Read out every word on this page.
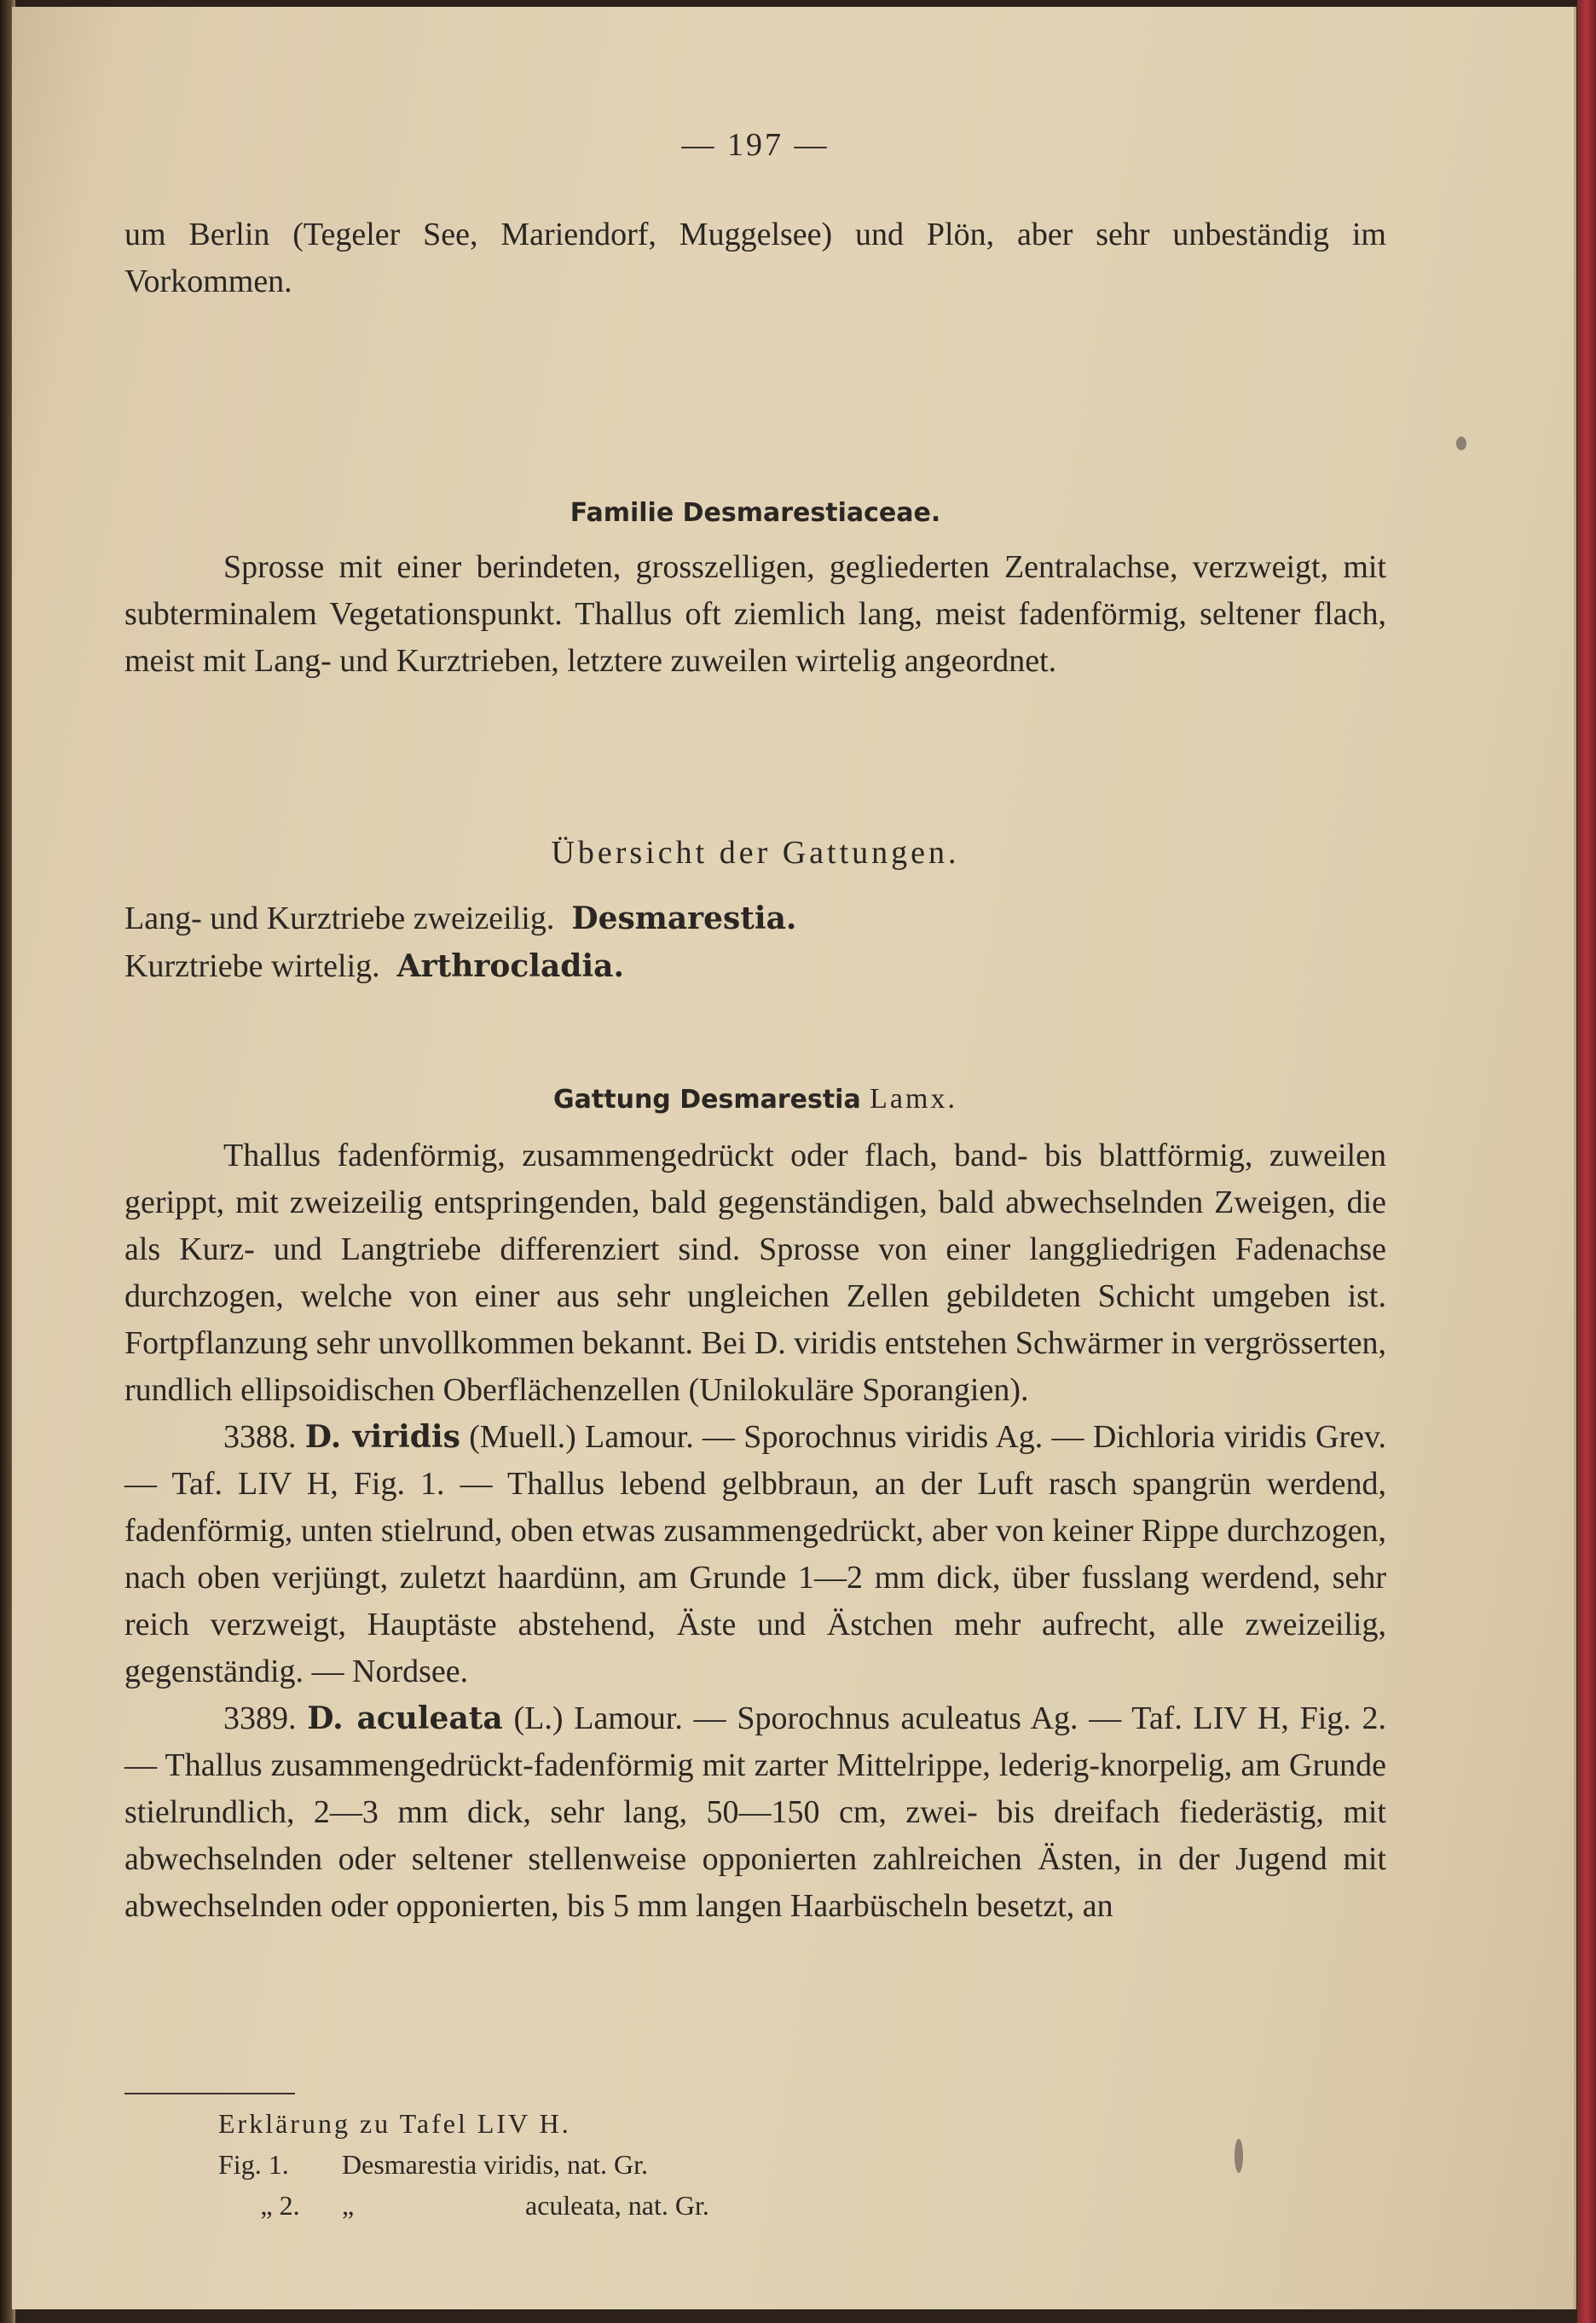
— 197 —

um Berlin (Tegeler See, Mariendorf, Muggelsee) und Plön, aber sehr unbeständig im Vorkommen.

Familie Desmarestiaceae.

Sprosse mit einer berindeten, grosszelligen, gegliederten Zentralachse, verzweigt, mit subterminalem Vegetationspunkt. Thallus oft ziemlich lang, meist fadenförmig, seltener flach, meist mit Lang- und Kurztrieben, letztere zuweilen wirtelig angeordnet.

Übersicht der Gattungen.
Lang- und Kurztriebe zweizeilig. Desmarestia.
Kurztriebe wirtelig. Arthrocladia.
Gattung Desmarestia Lamx.

Thallus fadenförmig, zusammengedrückt oder flach, band- bis blattförmig, zuweilen gerippt, mit zweizeilig entspringenden, bald gegenständigen, bald abwechselnden Zweigen, die als Kurz- und Langtriebe differenziert sind. Sprosse von einer langgliedrigen Fadenachse durchzogen, welche von einer aus sehr ungleichen Zellen gebildeten Schicht umgeben ist. Fortpflanzung sehr unvollkommen bekannt. Bei D. viridis entstehen Schwärmer in vergrösserten, rundlich ellipsoidischen Oberflächenzellen (Unilokuläre Sporangien).

3388. D. viridis (Muell.) Lamour. — Sporochnus viridis Ag. — Dichloria viridis Grev. — Taf. LIV H, Fig. 1. — Thallus lebend gelbbraun, an der Luft rasch spangrün werdend, fadenförmig, unten stielrund, oben etwas zusammengedrückt, aber von keiner Rippe durchzogen, nach oben verjüngt, zuletzt haardünn, am Grunde 1—2 mm dick, über fusslang werdend, sehr reich verzweigt, Hauptäste abstehend, Äste und Ästchen mehr aufrecht, alle zweizeilig, gegenständig. — Nordsee.

3389. D. aculeata (L.) Lamour. — Sporochnus aculeatus Ag. — Taf. LIV H, Fig. 2. — Thallus zusammengedrückt-fadenförmig mit zarter Mittelrippe, lederig-knorpelig, am Grunde stielrundlich, 2—3 mm dick, sehr lang, 50—150 cm, zwei- bis dreifach fiederästig, mit abwechselnden oder seltener stellenweise opponierten zahlreichen Ästen, in der Jugend mit abwechselnden oder opponierten, bis 5 mm langen Haarbüscheln besetzt, an

Erklärung zu Tafel LIV H.
Fig. 1.	Desmarestia viridis, nat. Gr.
„ 2.	„	aculeata, nat. Gr.
